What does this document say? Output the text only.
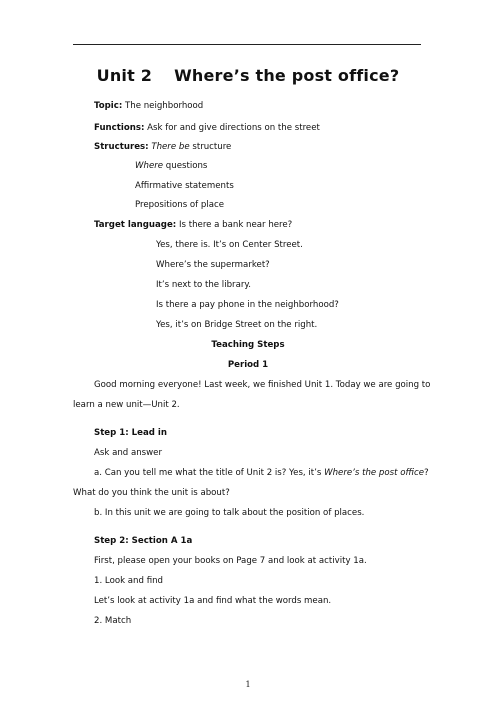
Unit 2 Where’s the post office?
Topic: The neighborhood
Functions: Ask for and give directions on the street
Structures: There be structure
Where questions
Affirmative statements
Prepositions of place
Target language: Is there a bank near here?
Yes, there is. It’s on Center Street.
Where’s the supermarket?
It’s next to the library.
Is there a pay phone in the neighborhood?
Yes, it’s on Bridge Street on the right.
Teaching Steps
Period 1
Good morning everyone! Last week, we finished Unit 1. Today we are going to
learn a new unit—Unit 2.
Step 1: Lead in
Ask and answer
a. Can you tell me what the title of Unit 2 is? Yes, it’s Where’s the post office?
What do you think the unit is about?
b. In this unit we are going to talk about the position of places.
Step 2: Section A 1a
First, please open your books on Page 7 and look at activity 1a.
1. Look and find
Let’s look at activity 1a and find what the words mean.
2. Match
1
